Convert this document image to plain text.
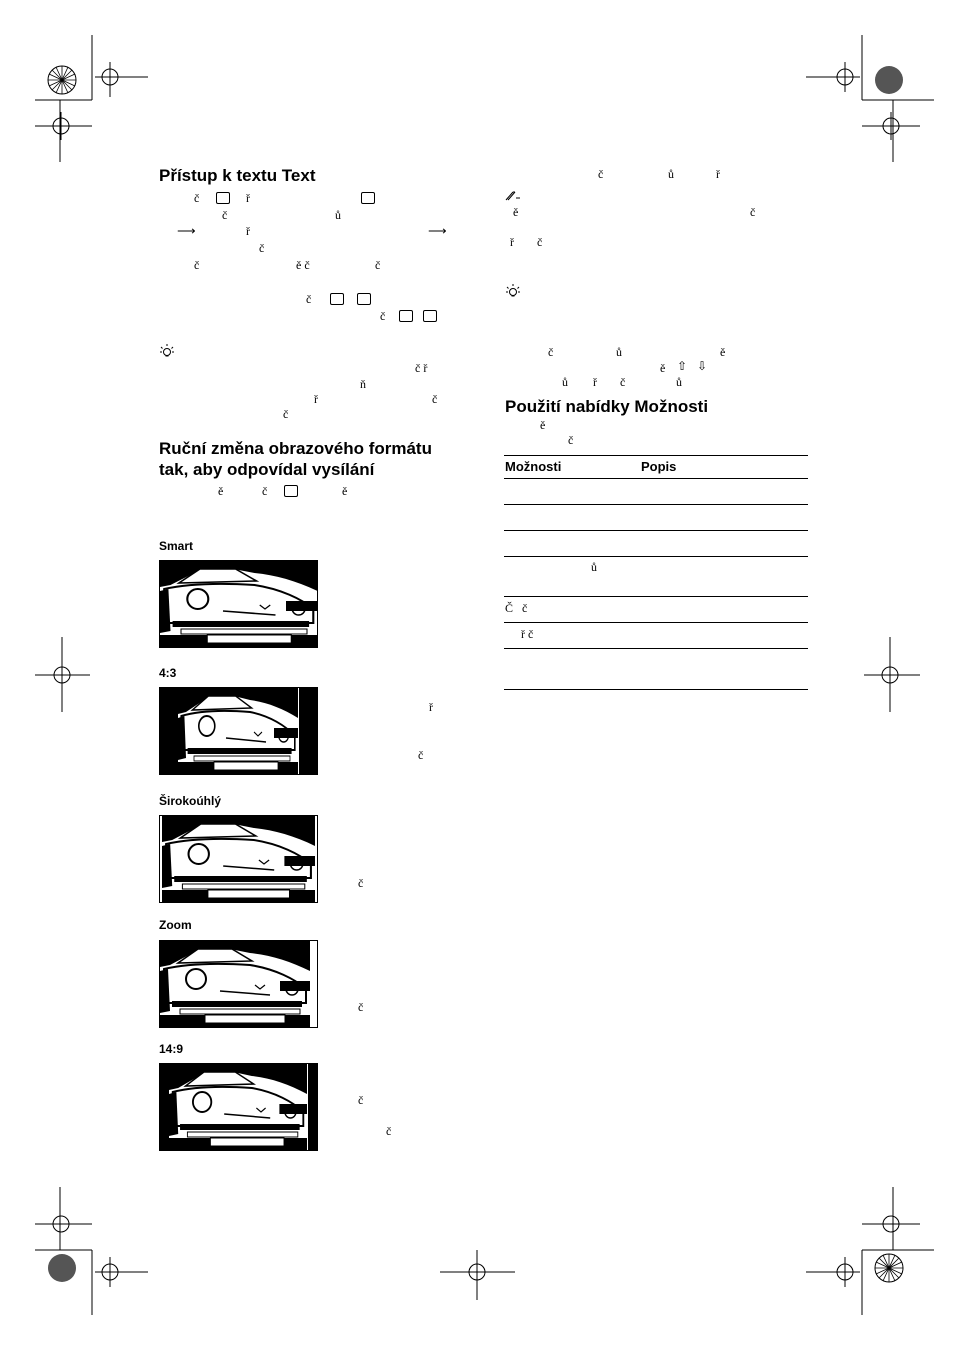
Přístup k textu Text
č	ř
č	ů
⟶	ř	⟶
č
č	ě č	č
č
č
č ř
ň
ř	č
č
Ruční změna obrazového formátu
tak, aby odpovídal vysílání
ě	č	ě
Smart
4:3
ř
č
Širokoúhlý
č
Zoom
č
14:9
č
č
č	ů	ř
ě	č
ř č
č	ů	ě
ě ⇧ ⇩
ů ř č	ů
Použití nabídky Možnosti
ě
č
Možnosti	Popis
ů
Č   č
ř č
